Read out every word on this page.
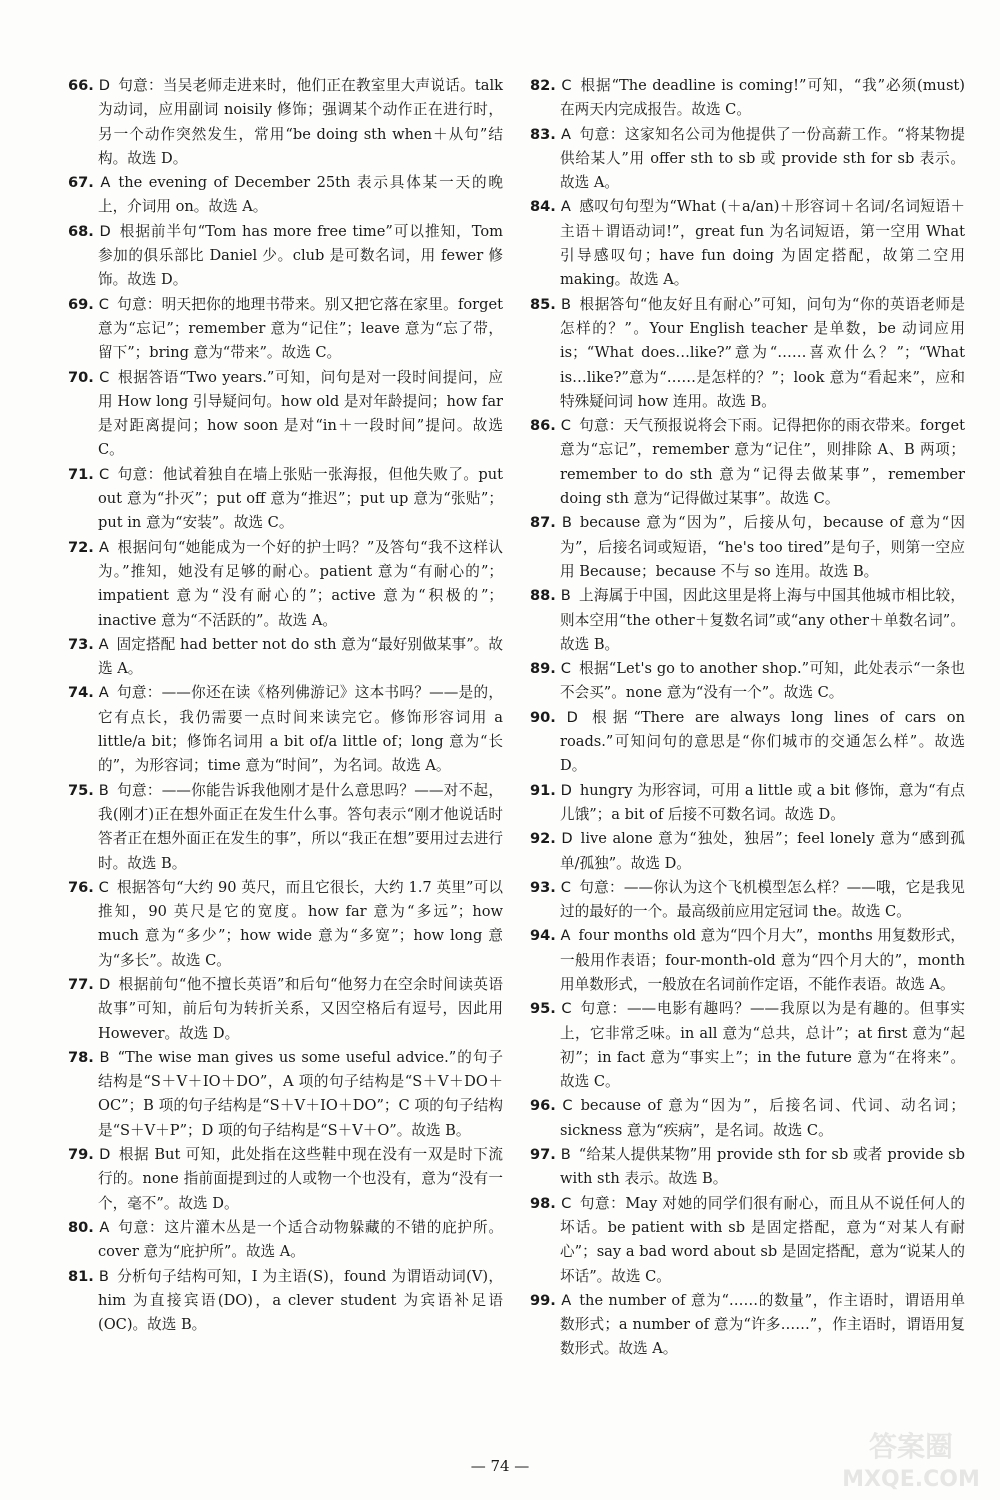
66. D 句意：当吴老师走进来时，他们正在教室里大声说话。talk 为动词，应用副词 noisily 修饰；强调某个动作正在进行时，另一个动作突然发生，常用“be doing sth when＋从句”结构。故选 D。

67. A the evening of December 25th 表示具体某一天的晚上，介词用 on。故选 A。

68. D 根据前半句“Tom has more free time”可以推知，Tom 参加的俱乐部比 Daniel 少。club 是可数名词，用 fewer 修饰。故选 D。

69. C 句意：明天把你的地理书带来。别又把它落在家里。forget 意为“忘记”；remember 意为“记住”；leave 意为“忘了带，留下”；bring 意为“带来”。故选 C。

70. C 根据答语“Two years.”可知，问句是对一段时间提问，应用 How long 引导疑问句。how old 是对年龄提问；how far 是对距离提问；how soon 是对“in＋一段时间”提问。故选 C。

71. C 句意：他试着独自在墙上张贴一张海报，但他失败了。put out 意为“扑灭”；put off 意为“推迟”；put up 意为“张贴”；put in 意为“安装”。故选 C。

72. A 根据问句“她能成为一个好的护士吗？”及答句“我不这样认为。”推知，她没有足够的耐心。patient 意为“有耐心的”；impatient 意为“没有耐心的”；active 意为“积极的”；inactive 意为“不活跃的”。故选 A。

73. A 固定搭配 had better not do sth 意为“最好别做某事”。故选 A。

74. A 句意：——你还在读《格列佛游记》这本书吗？——是的，它有点长，我仍需要一点时间来读完它。修饰形容词用 a little/a bit；修饰名词用 a bit of/a little of；long 意为“长的”，为形容词；time 意为“时间”，为名词。故选 A。

75. B 句意：——你能告诉我他刚才是什么意思吗？——对不起，我(刚才)正在想外面正在发生什么事。答句表示“刚才他说话时答者正在想外面正在发生的事”，所以“我正在想”要用过去进行时。故选 B。

76. C 根据答句“大约 90 英尺，而且它很长，大约 1.7 英里”可以推知，90 英尺是它的宽度。how far 意为“多远”；how much 意为“多少”；how wide 意为“多宽”；how long 意为“多长”。故选 C。

77. D 根据前句“他不擅长英语”和后句“他努力在空余时间读英语故事”可知，前后句为转折关系，又因空格后有逗号，因此用 However。故选 D。

78. B “The wise man gives us some useful advice.”的句子结构是“S＋V＋IO＋DO”，A 项的句子结构是“S＋V＋DO＋OC”；B 项的句子结构是“S＋V＋IO＋DO”；C 项的句子结构是“S＋V＋P”；D 项的句子结构是“S＋V＋O”。故选 B。

79. D 根据 But 可知，此处指在这些鞋中现在没有一双是时下流行的。none 指前面提到过的人或物一个也没有，意为“没有一个，毫不”。故选 D。

80. A 句意：这片灌木丛是一个适合动物躲藏的不错的庇护所。cover 意为“庇护所”。故选 A。

81. B 分析句子结构可知，I 为主语(S)，found 为谓语动词(V)，him 为直接宾语(DO)，a clever student 为宾语补足语(OC)。故选 B。

82. C 根据“The deadline is coming!”可知，“我”必须(must)在两天内完成报告。故选 C。

83. A 句意：这家知名公司为他提供了一份高薪工作。“将某物提供给某人”用 offer sth to sb 或 provide sth for sb 表示。故选 A。

84. A 感叹句句型为“What (＋a/an)＋形容词＋名词/名词短语＋主语＋谓语动词!”，great fun 为名词短语，第一空用 What 引导感叹句；have fun doing 为固定搭配，故第二空用 making。故选 A。

85. B 根据答句“他友好且有耐心”可知，问句为“你的英语老师是怎样的？”。Your English teacher 是单数，be 动词应用 is；“What does…like?”意为“……喜欢什么？”；“What is…like?”意为“……是怎样的？”；look 意为“看起来”，应和特殊疑问词 how 连用。故选 B。

86. C 句意：天气预报说将会下雨。记得把你的雨衣带来。forget 意为“忘记”，remember 意为“记住”，则排除 A、B 两项；remember to do sth 意为“记得去做某事”，remember doing sth 意为“记得做过某事”。故选 C。

87. B because 意为“因为”，后接从句，because of 意为“因为”，后接名词或短语，“he's too tired”是句子，则第一空应用 Because；because 不与 so 连用。故选 B。

88. B 上海属于中国，因此这里是将上海与中国其他城市相比较，则本空用“the other＋复数名词”或“any other＋单数名词”。故选 B。

89. C 根据“Let's go to another shop.”可知，此处表示“一条也不会买”。none 意为“没有一个”。故选 C。

90. D 根据“There are always long lines of cars on roads.”可知问句的意思是“你们城市的交通怎么样”。故选 D。

91. D hungry 为形容词，可用 a little 或 a bit 修饰，意为“有点儿饿”；a bit of 后接不可数名词。故选 D。

92. D live alone 意为“独处，独居”；feel lonely 意为“感到孤单/孤独”。故选 D。

93. C 句意：——你认为这个飞机模型怎么样？——哦，它是我见过的最好的一个。最高级前应用定冠词 the。故选 C。

94. A four months old 意为“四个月大”，months 用复数形式，一般用作表语；four-month-old 意为“四个月大的”，month 用单数形式，一般放在名词前作定语，不能作表语。故选 A。

95. C 句意：——电影有趣吗？——我原以为是有趣的。但事实上，它非常乏味。in all 意为“总共，总计”；at first 意为“起初”；in fact 意为“事实上”；in the future 意为“在将来”。故选 C。

96. C because of 意为“因为”，后接名词、代词、动名词；sickness 意为“疾病”，是名词。故选 C。

97. B “给某人提供某物”用 provide sth for sb 或者 provide sb with sth 表示。故选 B。

98. C 句意：May 对她的同学们很有耐心，而且从不说任何人的坏话。be patient with sb 是固定搭配，意为“对某人有耐心”；say a bad word about sb 是固定搭配，意为“说某人的坏话”。故选 C。

99. A the number of 意为“……的数量”，作主语时，谓语用单数形式；a number of 意为“许多……”，作主语时，谓语用复数形式。故选 A。

— 74 —
答案圈
MXQE.COM
